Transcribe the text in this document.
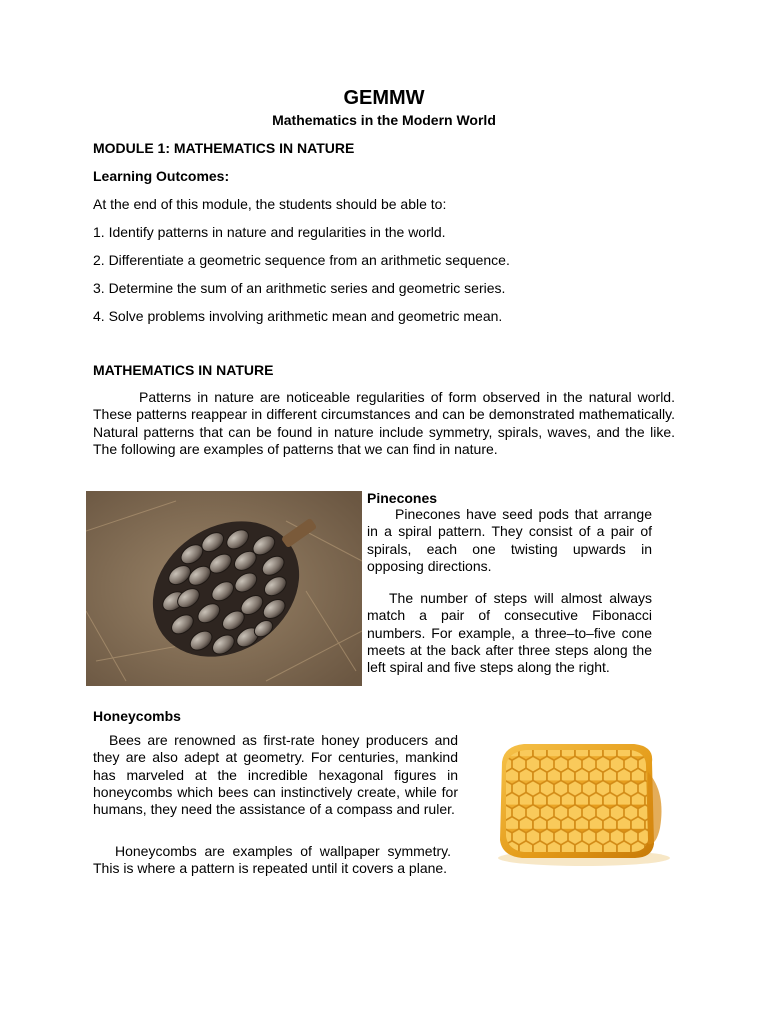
GEMMW
Mathematics in the Modern World
MODULE 1: MATHEMATICS IN NATURE
Learning Outcomes:
At the end of this module, the students should be able to:
1. Identify patterns in nature and regularities in the world.
2. Differentiate a geometric sequence from an arithmetic sequence.
3. Determine the sum of an arithmetic series and geometric series.
4. Solve problems involving arithmetic mean and geometric mean.
MATHEMATICS IN NATURE

Patterns in nature are noticeable regularities of form observed in the natural world. These patterns reappear in different circumstances and can be demonstrated mathematically. Natural patterns that can be found in nature include symmetry, spirals, waves, and the like. The following are examples of patterns that we can find in nature.

Pinecones

Pinecones have seed pods that arrange in a spiral pattern. They consist of a pair of spirals, each one twisting upwards in opposing directions.

The number of steps will almost always match a pair of consecutive Fibonacci numbers. For example, a three–to–five cone meets at the back after three steps along the left spiral and five steps along the right.

Honeycombs

Bees are renowned as first-rate honey producers and they are also adept at geometry. For centuries, mankind has marveled at the incredible hexagonal figures in honeycombs which bees can instinctively create, while for humans, they need the assistance of a compass and ruler.

Honeycombs are examples of wallpaper symmetry. This is where a pattern is repeated until it covers a plane.
